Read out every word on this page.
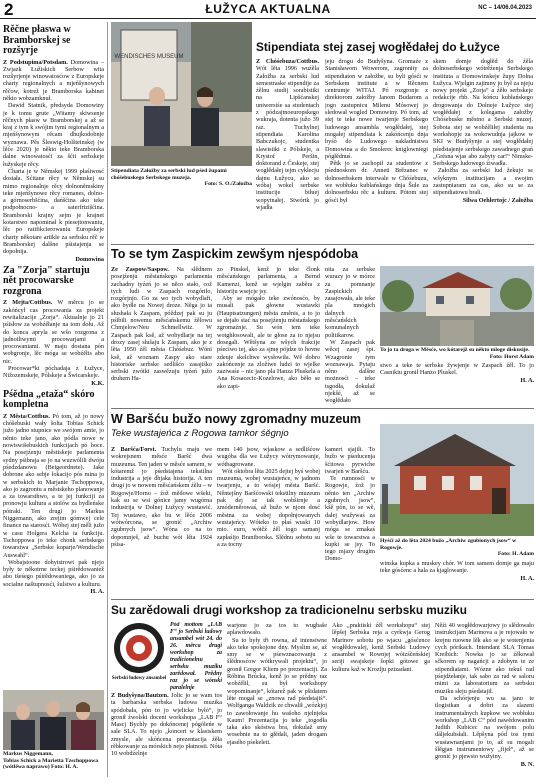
2	ŁUŽYCA AKTUALNA	NC – 14/06.04.2023
Rěčne płaswa w Bramborskej se rozšyrje

Z Podstupima/Potsdam. Domowina – Zwjazk Łužiskich Serbow wita rozšyrjenje winowatosćow z Europskeje charty regionalnych a mjeńšynowych rěčow, kotrež je Bramborska kabinet někto wobzamknuł.

Dawid Statnik, předsyda Domowiny je k tomu grute „Witamy skiwsenje rěčnych płasw w Bramborskej a až se kraj z tym k swójim tymi regionalnym a mjeńšynowym rěcam dhujkodobnje wyznawa. Pěs Šleswig-Holšteinskej (w lěće 2020) je někto teke Bramborska dalne winowatosći za šćit serbskeje łužyskeje rěcy.

Charta je w Němskej 1999 płaśiwosć dostała. Sćitane rěcy w Němskej su mimo regionalnje rěcy dolnoněmskiny teke mjeńšynowe rěcy romanes, dolno- a górnoserbšćina, dańšćina ako teke podpołnocno- a saterfrizišćina. Bramborski krajny sejm je krajnet kotarstwo napominał k piesejtonwaniu, lěc po ratifikcierowaniu Europskeje charty někotare artikle za serbsku rěč w Bramborskej dalšne pśistajenja se dopołnija.

Domowina

Za "Zorja" startuju nět procowarske rozgrona

Z Mejta/Cottbus. W měrcu jo se zakóńcył cas procowania za projekt rewitalizacije „Zorja“. Aktualnje jo 21 pśisłow za wobźěłanje na tom dołu. Až do konca apryla se wšo rozgrona z jadnotliwymi procowarjami a procowaniami. W maju dostana pón wobgronje, lěc móga se wobźěłis abo nic.

Procowar*ki póchadaja z Łužyce, Nižozemskeje, Pólskeje a Šwicarskeje.

K.K.

Pśědna „etaža“ skóro kompletna

Z Města/Cottbus. Pó tom, až jo nowy chóšebuski wały šolta Tobias Schick južo jadno stupnice we swójom amte, jo něnto teke jano, ako pódla nowe w nowiswišebuskich funkcijach pó boce. Na posejźenju městiskeje parlamenta sydny pśibraja se jo na wuzwólili dwóju pśedzdanowu (Beigeordnete). Jake dobrone ako sebje lokacijo pós mina jo w serbskich to Marjanie Tschoppowa, ako jo zagrontu a městskeho planowanje a za towarsthwo, a te jej funkciji za pronowju kultura a stolów za bydleńske pótraki. Ten drugi jo Markus Niggemann, ako zrejim gómwej cele finance na starosći. Wóbej stej měli južo w casu Holgera Kelcha ta funkciju. Tschoppowa jo teke chonk serbskego towarstwa „Serbske koparje/Wendische Auswahl“.

Wobajstoone dohytstrowt pak njejo były te někotrne teckej pśirědowaniež abo tšeśego pśirědowaniega, ako jo za socialne naštupnosći, šulstwo a kulturu.

H. A.

Markus Niggemann,
Tobias Schick a Marietta Tzschoppowa
(wótlěwa naprawo) Foto: H. A.
WENDISCHES MUSEUM
Stipendiata Załožby za serbski lud pśed župami chóšebuskego Serbskego muzeja.
Foto: S. O./Załožba
Stipendiata stej zasej wogłědałej do Łužyce

Z Chóśebuza/Cottbus. Wót lěta 1996 wuźěla Załožba za serbski lud semestraske stipendije za źělnu studij sorabistiki na Lipšćanskej uniwersiśe sa studentach z pódzajtnoeuropskego wukraja, dotenta južo 39 raz. Tuchylnej stipendiata Karolina Babczukojc, studentka slawistiki z Pólskeje, a Krystof Peršin, doktorand z Českeje, stej wogłědałej tejm cyklecju dajnu Łužycu, ako se wóbaj wokel serbske institucije biłuej wopytnałej. Stwórtk jo wjadła

jeju drogu do Budyšyna. Gromaźe z Stanisławom Wowerom, zagronity za stipendiaton w załožbe, su byli gósći w Serbskem institute a w Rěcnem centrumje WITAJ. Pó rozgronje z direktorom załožby Janom Budarom a jogo zastupnicu Milenu Mósowej jo sledował wogled Domowiny. Pó tom, až stej te teke nowe twarjenje Serbskego ludowego ansambla wogłědałej, stej mogałej stipendiata k zakóńcenju dnja byśó do Ludowego nakładnistwa Domowina a do Smolerec kniglowniegi pógłědnuś.

Pětk jo se zachopił za studentow z pśednoskom dr. Anneti Brězanec w dolnoserbskem interwale w Chóśebuzu, we wobłuku kublańskego dnja Šule za dolnoserbsku rěc a kulturu. Pótom stej gósći był

skem domje dogłěd do źěla dolnoserbskego wótrěźenja Serbskego instituta a Domowinskeje župy Dolna Łužyca. Wjelgin zajimny jo był za njeju nowy projekt „Zorja“ a źěło serbskeje redakcije rbb. Na kóńcu kubłańskego drogowanja do Dolneje Łužyce stej wogłědałej z kolegama załožby Chóśebuske městno a Serbski muzej. Sobota stej se wobźěliłej studenta na workshopje za wokowudnja jajkow w SKI w Budyšynje a stej wogłědałej pśedstajenje serbskego zawadnego grań „Grésna wjas abo zabyty car!“ Nimske-Serbskego ludowego źiwadła.

Załožba za serbski lud žekujo se wšyknym institucijam a swojim zastupniaram za cas, ako su se za stipendiatowu brali.

Silwa Oehlertojc / Załožba

To se tym Zaspickim zewšym njespódoba

Ze Zaspow/Saspow. Na slědnem posejźenju městańskego parlamenta zachadny tyźeń jo se něco stało, což tych ludi w Zaspach rozgóriło, rozgórjnjo. Go za wo tych wobydlaři, ako bydle na Nowej droze. Něga jo ta słushała k Zaspam, póždzej pak su ju pśibili nowemu měsćańskemu źělowu Chmjelow/Neu Schmellwitz. W Zaspach pak ksě, až wobydlarje na tej drozy zasej słušaju k Zaspam, ako je z lěta 1950 źěl města Chóśebuz. Wóni ksě, až woznam Zaspy ako stare historiske serbske sedlišćo zasajiśko serbski zwótki zaswězuju tyźeń južo druhem Ha-

zo Pinskel, kenž jo teke člonk měsćańskego parlamenta, a Bernd Kamenzi, kenž se wjelgin zaběra z historiju wsejcje jsy.

Aby se mógało teke zwónosćo, by musali pak głowne wustawki (Hauptsatzungen) města změnis, a to jo se dejało stać na posejźenju městańskego zgromaźnje. Su wón tem teke wotghłosowali, ale te głose za to njejsu dosegali. Wětšyna ze wšych frakcije pśeciwo tej, ako za sjmę pójdze to hovne zdeuje skelchwe wysłowiła. Wě dobro zakóńcenje za zložiwe ludzi to wjelke zaziwaśe – nic jano pla Hanza Pluskela a Ana Kosacecic-Kozelowe, ako běło se ako zapi-

nita za serbske wurazy jo w mórce za pomnanje Zaspickich zasajowała, ale teke pla mnógich dalnych měsćańskich komunalnych politikarow.

W Zaspach pak wěcej zasej śpi. Wzagronie tym woznawaja. Pytaju něno dalšne możnosći – teke tsgodła, dokulaž njekšé, až se wogłědało

To jo ta droga w Měsće, wo kótarejž su někto mloge diskusije.
Foto: Horst Adam

stwo a teke te serbske žywjenje w Zaspach źěl. To jo Casnikiu gronił Hanzo Pluskel.

H. A.

W Baršću bužo nowy zgromadny muzeum
Teke wustajeńca z Rogowa tamkor śěgnjo

Z Baršća/Forst. Tuchylu maju we wokrejsnem měsće Baršć dwa muzeuma. Ten jaden w měsće samem, w kótaremž jo pśedstajena tekstilna industrija a jeje dhjaka historija. A ten drugi jo w nowem měsćańskem źělu – w Rogowje/Horno – źož mědowe wšeki, kak su se wsi gónice jamy wugórna industrija w Dolnej Łužycy wustawić. Tej wustawo, ako bu w lěće 2006 wótwórcona, se gronić „Archiw zgubnych jsow“. Wóna co na to dopomnješ, až buchu wót lěta 1924 pśisa-

mem 140 jsow, wjaskow a sedlišćow wugóba dla we Łužycy wótrymowanje, wótbagrowane.

Wót oktobra lěta 2025 dejtej byś wobej muzeuma, wobej wustajeńce, w jadnom twarjenju, a to wósjej města Baršć. Něntejšny Baršćowski tekstilny muzeum pak dej se tak wobširnje a zmóderněrowaś, až bužo w njom dosć městna za wobej dopołnjowanych wustajeńcy. Wóteko to płaś wuski 10 mio. euro, wótčź źěl togo samanj zapłaśijo Braniborska. Slědnu sobotu su a za tocny

kamert sjajili. To bužo w pśeducenja šćitowa pyrwiche twarjeń w Baršću.

Te rumnosći w Rogowje, źož jo něnto ten „Archiw zgubnych jsow“, kšě pón, to se wě, dalej wužywaś za wobydlarjow. How móga se zmakaś wše te towarstwa a kupki se jsy. To tego mjazy drugim Domo-

Hyśći až do lěta 2024 bužo „Archiw zgubionych jsow“ w Rogowje.
Foto: H. Adam

winska kupka a muskey chór. W tom samem domje ga maju teke gósćenc a hala za kjaglowanje.

H. A.

Su zarědowali drugi workshop za tradicionelnu serbsku muziku
Serbski ludowy ansambel

Pód mottom „LAB F“ jo Serbski ludowy ansambel wót 24. do 26. měrca drugi workshop za tradicionelnu serbsku muziku zarědował. Prědny raz jo se wónski paralelnje

Z Budyšyna/Bautzen. Jolic jo se wam tos ta barbarska serbska ludowa muzika spódobała, pón to jo wjelicke byłó“, jo gronił źwolski docent workshopa „LAB F“ Mascj Bychly po dokóncenej pógóleńe w sale SLA. To njejo „koncert w klasiskem zmysle, ale skóńcena prezentacija źěła rěbkowanje za mórskich nejo płatnosti. Nóta 10 wobdźelnje

warjone jo za tos to wugbaše aplawdowało.

Su to były tři rowna, až intensiwne ako teke spokojone dny. Myslim se, až smy se w pśewznacowanju z šlědnosćow wótkrywali projektu“, jo gronił Gregor Kliem po prezentaciji. Za Róbina Brúcka, kenž jo se prědny raz wobźělił, su był workshopy wopominanje“, kótarež pak w pšidatem lěte mogał se „znowa rad pśedstajiś“. Wolfganga Waldzik ze chwalił „wózkjoj to zawołowanje hu wašoho njelnjeka Kaum! Prezentacija jo teke „togodła taka ako skóstwa bra, dokulaž smy wosebnie na to głědali, jaden drogam ejasého pśekeleti.

Ako „praktiski źěl workshopu“ stej lěpšej Serbska reja a cyrkwja Gerog Marinov sobotu po wjacu „gósćence wogłědowalej, kenž Serbski Ludowy ansambel w Rownjej wótzśčeńskiej seriji swajskeje šopki gótowe ga kultura kaž w Krozlju pzizadani.

Něźi 40 wogłědowarjowy jo slědowało instrukcijam Marinova a je rejowało w krejnu ruowne lěk ako se je wotenjenia cych pórikach. Intendant SLA Tomas Kreibich: Nowka jo se źěkował sčkorem sp nagańcji a zdobym te ze stipendiatami. Wózne ako tekuš rad pśejdźełanje, tak sabo za rad w saloru mimi za laboratorium za serbsku muziku słeju pśedstajił.

Da schórjenju wu sa jano te tlogistkan a dobri za slazeni instrumentalnych kupkow we wobłuku workshop „LAB C“ pód nawědowanim Judith Kubicec na swójom polu dáljekubsłali. Lěpšyna pód tos tymi wustawnanjami jo to, až su mogali šlěgjan instrumentowy „fijeł“, až se gronić jo pjewsio wužyiny.

B. N.
